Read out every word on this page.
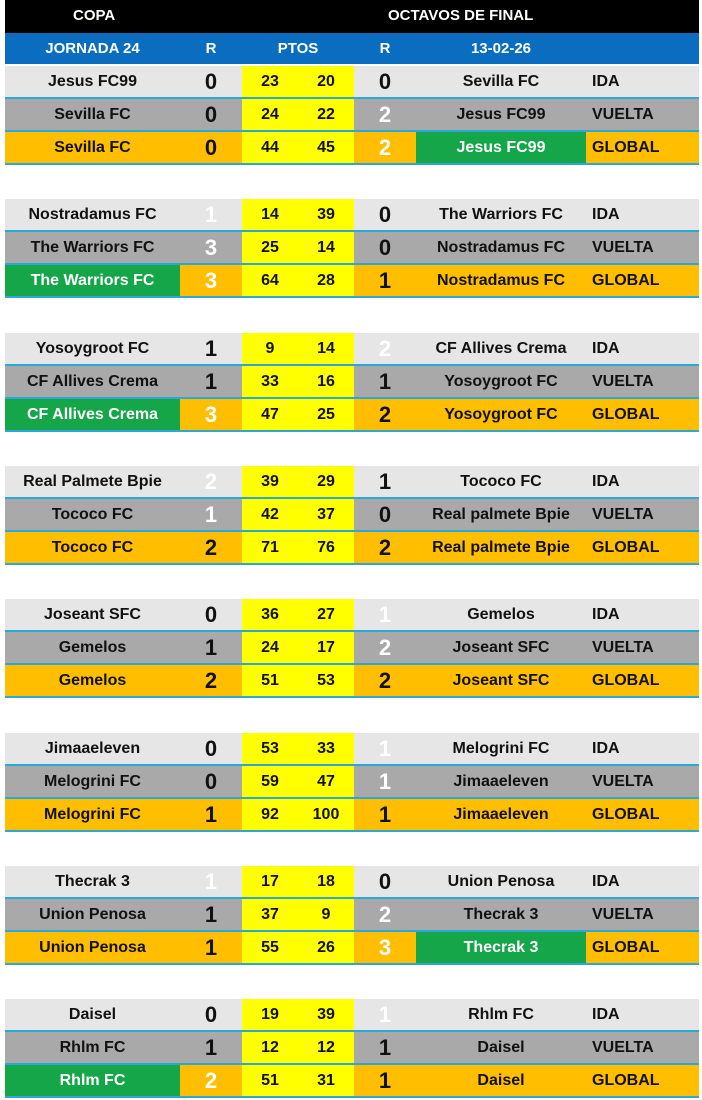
COPA	OCTAVOS DE FINAL
JORNADA 24	R	PTOS	R	13-02-26
Jesus FC99	0	23	20	0	Sevilla FC	IDA
Sevilla FC	0	24	22	2	Jesus FC99	VUELTA
Sevilla FC	0	44	45	2	Jesus FC99	GLOBAL
Nostradamus FC	1	14	39	0	The Warriors FC	IDA
The Warriors FC	3	25	14	0	Nostradamus FC	VUELTA
The Warriors FC	3	64	28	1	Nostradamus FC	GLOBAL
Yosoygroot FC	1	9	14	2	CF Allives Crema	IDA
CF Allives Crema	1	33	16	1	Yosoygroot FC	VUELTA
CF Allives Crema	3	47	25	2	Yosoygroot FC	GLOBAL
Real Palmete Bpie	2	39	29	1	Tococo FC	IDA
Tococo FC	1	42	37	0	Real palmete Bpie	VUELTA
Tococo FC	2	71	76	2	Real palmete Bpie	GLOBAL
Joseant SFC	0	36	27	1	Gemelos	IDA
Gemelos	1	24	17	2	Joseant SFC	VUELTA
Gemelos	2	51	53	2	Joseant SFC	GLOBAL
Jimaaeleven	0	53	33	1	Melogrini FC	IDA
Melogrini FC	0	59	47	1	Jimaaeleven	VUELTA
Melogrini FC	1	92	100	1	Jimaaeleven	GLOBAL
Thecrak 3	1	17	18	0	Union Penosa	IDA
Union Penosa	1	37	9	2	Thecrak 3	VUELTA
Union Penosa	1	55	26	3	Thecrak 3	GLOBAL
Daisel	0	19	39	1	Rhlm FC	IDA
Rhlm FC	1	12	12	1	Daisel	VUELTA
Rhlm FC	2	51	31	1	Daisel	GLOBAL
